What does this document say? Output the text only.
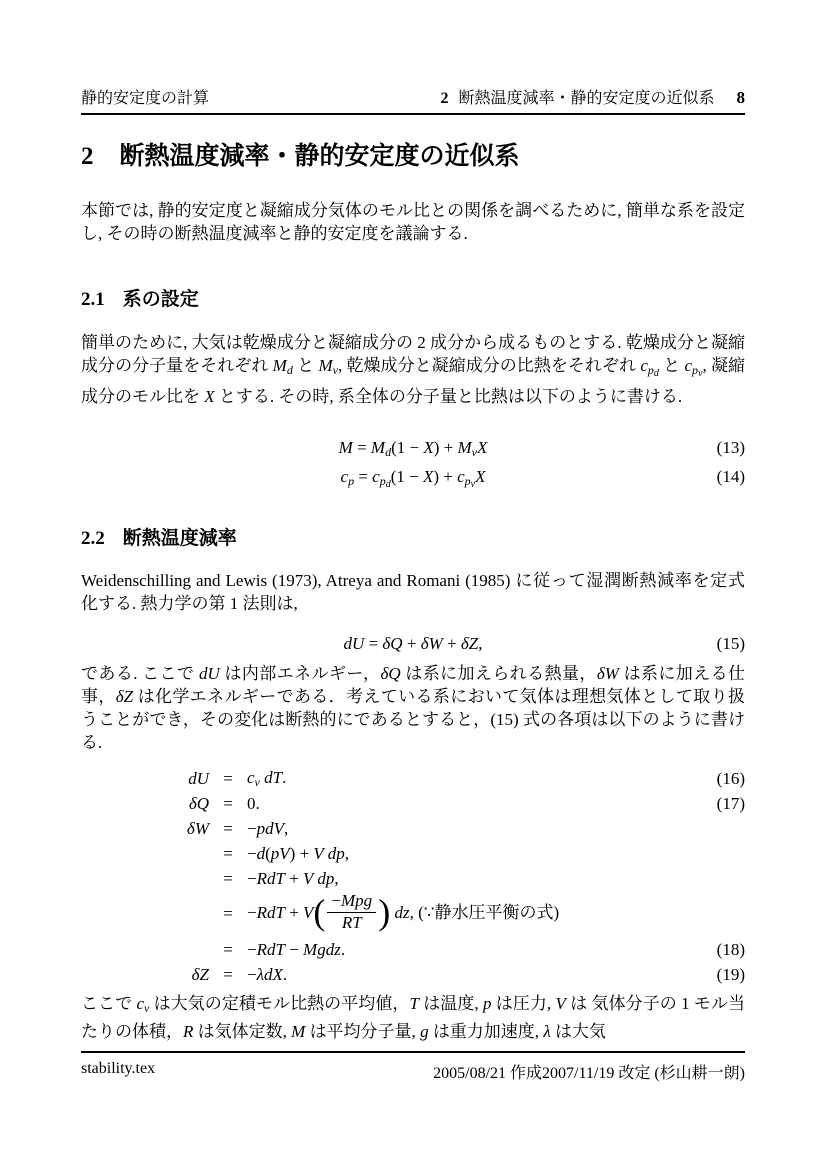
静的安定度の計算	2 断熱温度減率・静的安定度の近似系 8
2 断熱温度減率・静的安定度の近似系

本節では, 静的安定度と凝縮成分気体のモル比との関係を調べるために, 簡単な系を設定し, その時の断熱温度減率と静的安定度を議論する.

2.1 系の設定

簡単のために, 大気は乾燥成分と凝縮成分の 2 成分から成るものとする. 乾燥成分と凝縮成分の分子量をそれぞれ Md と Mv, 乾燥成分と凝縮成分の比熱をそれぞれ $cp_d$ と $cp_v$, 凝縮成分のモル比を X とする. その時, 系全体の分子量と比熱は以下のように書ける.

M = Md(1 − X) + MvX	(13)
cp = $cp_d(1 - X) + cp_vX$	(14)
2.2 断熱温度減率

Weidenschilling and Lewis (1973), Atreya and Romani (1985) に従って湿潤断熱減率を定式化する. 熱力学の第 1 法則は,

dU = δQ + δW + δZ,	(15)

である. ここで dU は内部エネルギー，δQ は系に加えられる熱量，δW は系に加える仕事，δZ は化学エネルギーである．考えている系において気体は理想気体として取り扱うことができ，その変化は断熱的にであるとすると，(15) 式の各項は以下のように書ける.

dU = cv dT.	(16)
δQ = 0.	(17)
δW = −pdV,
= −d(pV) + V dp,
= −RdT + V dp,
= $-RdT + V( \frac{\text{−Mpg}}{RT}$ ) dz, (∵静水圧平衡の式)
= −RdT − Mgdz.	(18)
δZ = −λdX.	(19)

ここで cv は大気の定積モル比熱の平均値，T は温度, p は圧力, V は 気体分子の 1 モル当たりの体積，R は気体定数, M は平均分子量, g は重力加速度, λ は大気

stability.tex	2005/08/21 作成2007/11/19 改定 (杉山耕一朗)
